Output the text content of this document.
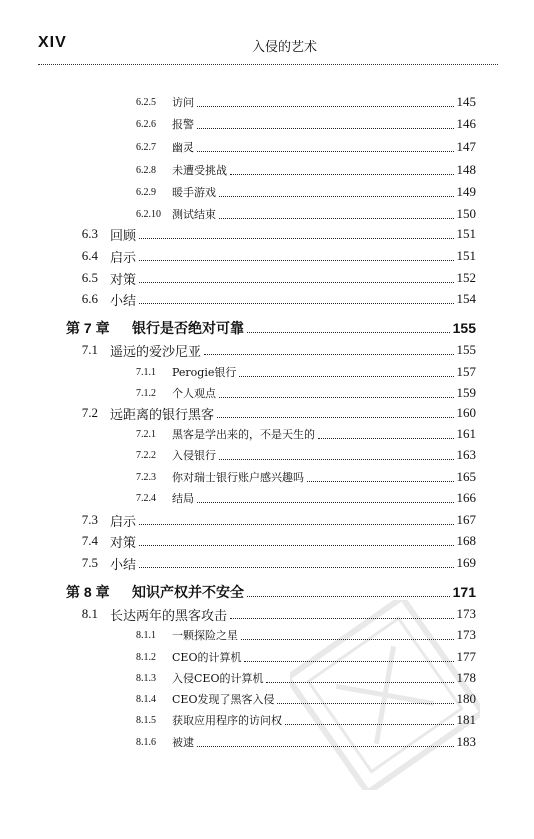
XIV	入侵的艺术
6.2.5	访问	145
6.2.6	报警	146
6.2.7	幽灵	147
6.2.8	未遭受挑战	148
6.2.9	暖手游戏	149
6.2.10	测试结束	150
6.3 回顾	151
6.4 启示	151
6.5 对策	152
6.6 小结	154
第 7 章	银行是否绝对可靠	155
7.1 遥远的爱沙尼亚	155
7.1.1	Perogie银行	157
7.1.2	个人观点	159
7.2 远距离的银行黑客	160
7.2.1	黑客是学出来的，不是天生的	161
7.2.2	入侵银行	163
7.2.3	你对瑞士银行账户感兴趣吗	165
7.2.4	结局	166
7.3 启示	167
7.4 对策	168
7.5 小结	169
第 8 章	知识产权并不安全	171
8.1 长达两年的黑客攻击	173
8.1.1	一颗探险之星	173
8.1.2	CEO的计算机	177
8.1.3	入侵CEO的计算机	178
8.1.4	CEO发现了黑客入侵	180
8.1.5	获取应用程序的访问权	181
8.1.6	被逮	183
